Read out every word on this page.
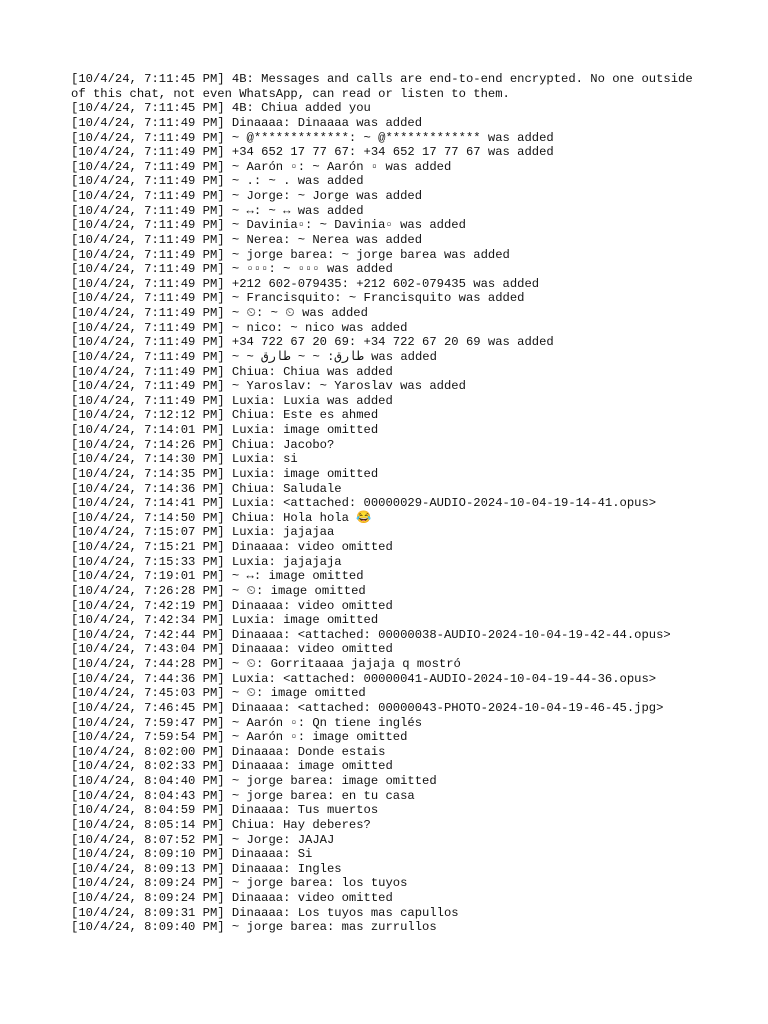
[10/4/24, 7:11:45 PM] 4B: Messages and calls are end-to-end encrypted. No one outside of this chat, not even WhatsApp, can read or listen to them.
[10/4/24, 7:11:45 PM] 4B: Chiua added you
[10/4/24, 7:11:49 PM] Dinaaaa: Dinaaaa was added
[10/4/24, 7:11:49 PM] ~ @*************: ~ @************* was added
[10/4/24, 7:11:49 PM] +34 652 17 77 67: +34 652 17 77 67 was added
[10/4/24, 7:11:49 PM] ~ Aarón ▫: ~ Aarón ▫ was added
[10/4/24, 7:11:49 PM] ~ .: ~ . was added
[10/4/24, 7:11:49 PM] ~ Jorge: ~ Jorge was added
[10/4/24, 7:11:49 PM] ~ ↔: ~ ↔ was added
[10/4/24, 7:11:49 PM] ~ Davinia▫: ~ Davinia▫ was added
[10/4/24, 7:11:49 PM] ~ Nerea: ~ Nerea was added
[10/4/24, 7:11:49 PM] ~ jorge barea: ~ jorge barea was added
[10/4/24, 7:11:49 PM] ~ ▫▫▫: ~ ▫▫▫ was added
[10/4/24, 7:11:49 PM] +212 602-079435: +212 602-079435 was added
[10/4/24, 7:11:49 PM] ~ Francisquito: ~ Francisquito was added
[10/4/24, 7:11:49 PM] ~ ⏲: ~ ⏲ was added
[10/4/24, 7:11:49 PM] ~ nico: ~ nico was added
[10/4/24, 7:11:49 PM] +34 722 67 20 69: +34 722 67 20 69 was added
[10/4/24, 7:11:49 PM] ~ ~ طارق: ~ ~ طارق was added
[10/4/24, 7:11:49 PM] Chiua: Chiua was added
[10/4/24, 7:11:49 PM] ~ Yaroslav: ~ Yaroslav was added
[10/4/24, 7:11:49 PM] Luxia: Luxia was added
[10/4/24, 7:12:12 PM] Chiua: Este es ahmed
[10/4/24, 7:14:01 PM] Luxia: image omitted
[10/4/24, 7:14:26 PM] Chiua: Jacobo?
[10/4/24, 7:14:30 PM] Luxia: si
[10/4/24, 7:14:35 PM] Luxia: image omitted
[10/4/24, 7:14:36 PM] Chiua: Saludale
[10/4/24, 7:14:41 PM] Luxia: <attached: 00000029-AUDIO-2024-10-04-19-14-41.opus>
[10/4/24, 7:14:50 PM] Chiua: Hola hola 😂
[10/4/24, 7:15:07 PM] Luxia: jajajaa
[10/4/24, 7:15:21 PM] Dinaaaa: video omitted
[10/4/24, 7:15:33 PM] Luxia: jajajaja
[10/4/24, 7:19:01 PM] ~ ↔: image omitted
[10/4/24, 7:26:28 PM] ~ ⏲: image omitted
[10/4/24, 7:42:19 PM] Dinaaaa: video omitted
[10/4/24, 7:42:34 PM] Luxia: image omitted
[10/4/24, 7:42:44 PM] Dinaaaa: <attached: 00000038-AUDIO-2024-10-04-19-42-44.opus>
[10/4/24, 7:43:04 PM] Dinaaaa: video omitted
[10/4/24, 7:44:28 PM] ~ ⏲: Gorritaaaa jajaja q mostró
[10/4/24, 7:44:36 PM] Luxia: <attached: 00000041-AUDIO-2024-10-04-19-44-36.opus>
[10/4/24, 7:45:03 PM] ~ ⏲: image omitted
[10/4/24, 7:46:45 PM] Dinaaaa: <attached: 00000043-PHOTO-2024-10-04-19-46-45.jpg>
[10/4/24, 7:59:47 PM] ~ Aarón ▫: Qn tiene inglés
[10/4/24, 7:59:54 PM] ~ Aarón ▫: image omitted
[10/4/24, 8:02:00 PM] Dinaaaa: Donde estais
[10/4/24, 8:02:33 PM] Dinaaaa: image omitted
[10/4/24, 8:04:40 PM] ~ jorge barea: image omitted
[10/4/24, 8:04:43 PM] ~ jorge barea: en tu casa
[10/4/24, 8:04:59 PM] Dinaaaa: Tus muertos
[10/4/24, 8:05:14 PM] Chiua: Hay deberes?
[10/4/24, 8:07:52 PM] ~ Jorge: JAJAJ
[10/4/24, 8:09:10 PM] Dinaaaa: Si
[10/4/24, 8:09:13 PM] Dinaaaa: Ingles
[10/4/24, 8:09:24 PM] ~ jorge barea: los tuyos
[10/4/24, 8:09:24 PM] Dinaaaa: video omitted
[10/4/24, 8:09:31 PM] Dinaaaa: Los tuyos mas capullos
[10/4/24, 8:09:40 PM] ~ jorge barea: mas zurrullos
